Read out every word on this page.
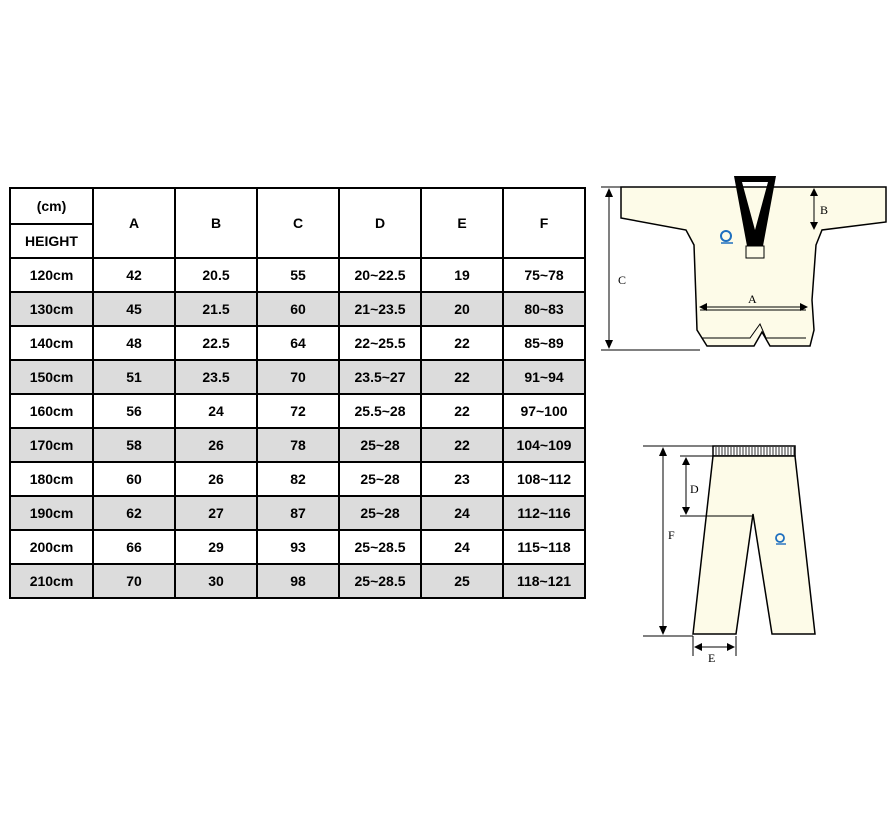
(cm)	A	B	C	D	E	F
HEIGHT						
120cm	42	20.5	55	20~22.5	19	75~78
130cm	45	21.5	60	21~23.5	20	80~83
140cm	48	22.5	64	22~25.5	22	85~89
150cm	51	23.5	70	23.5~27	22	91~94
160cm	56	24	72	25.5~28	22	97~100
170cm	58	26	78	25~28	22	104~109
180cm	60	26	82	25~28	23	108~112
190cm	62	27	87	25~28	24	112~116
200cm	66	29	93	25~28.5	24	115~118
210cm	70	30	98	25~28.5	25	118~121
C
B
A
F
D
E
